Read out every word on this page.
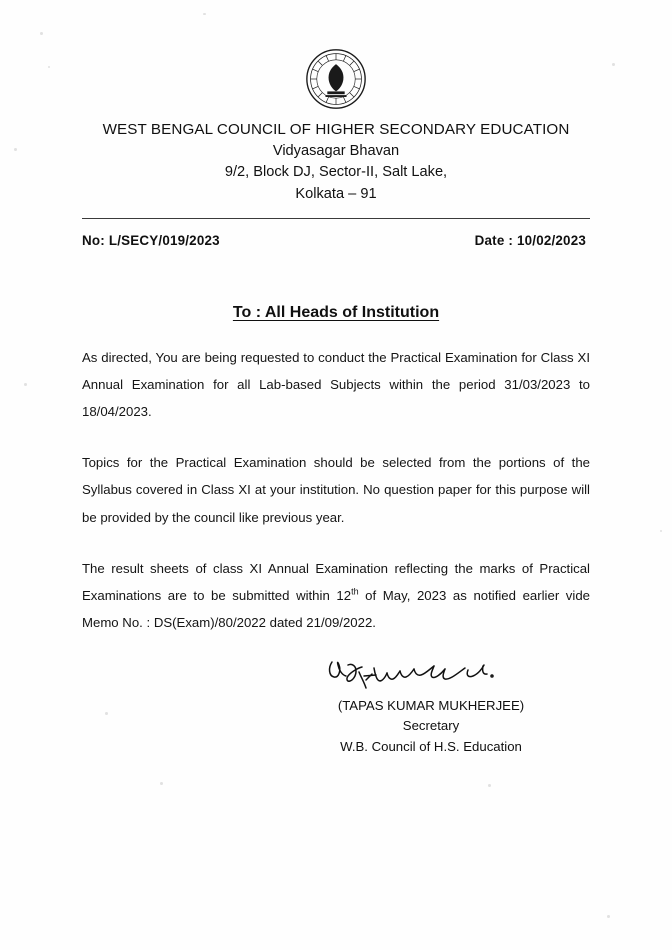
WEST BENGAL COUNCIL OF HIGHER SECONDARY EDUCATION
Vidyasagar Bhavan
9/2, Block DJ, Sector-II, Salt Lake,
Kolkata – 91
No: L/SECY/019/2023	Date : 10/02/2023
To : All Heads of Institution

As directed, You are being requested to conduct the Practical Examination for Class XI Annual Examination for all Lab-based Subjects within the period 31/03/2023 to 18/04/2023.

Topics for the Practical Examination should be selected from the portions of the Syllabus covered in Class XI at your institution. No question paper for this purpose will be provided by the council like previous year.

The result sheets of class XI Annual Examination reflecting the marks of Practical Examinations are to be submitted within 12th of May, 2023 as notified earlier vide Memo No. : DS(Exam)/80/2022 dated 21/09/2022.

(TAPAS KUMAR MUKHERJEE)
Secretary
W.B. Council of H.S. Education
